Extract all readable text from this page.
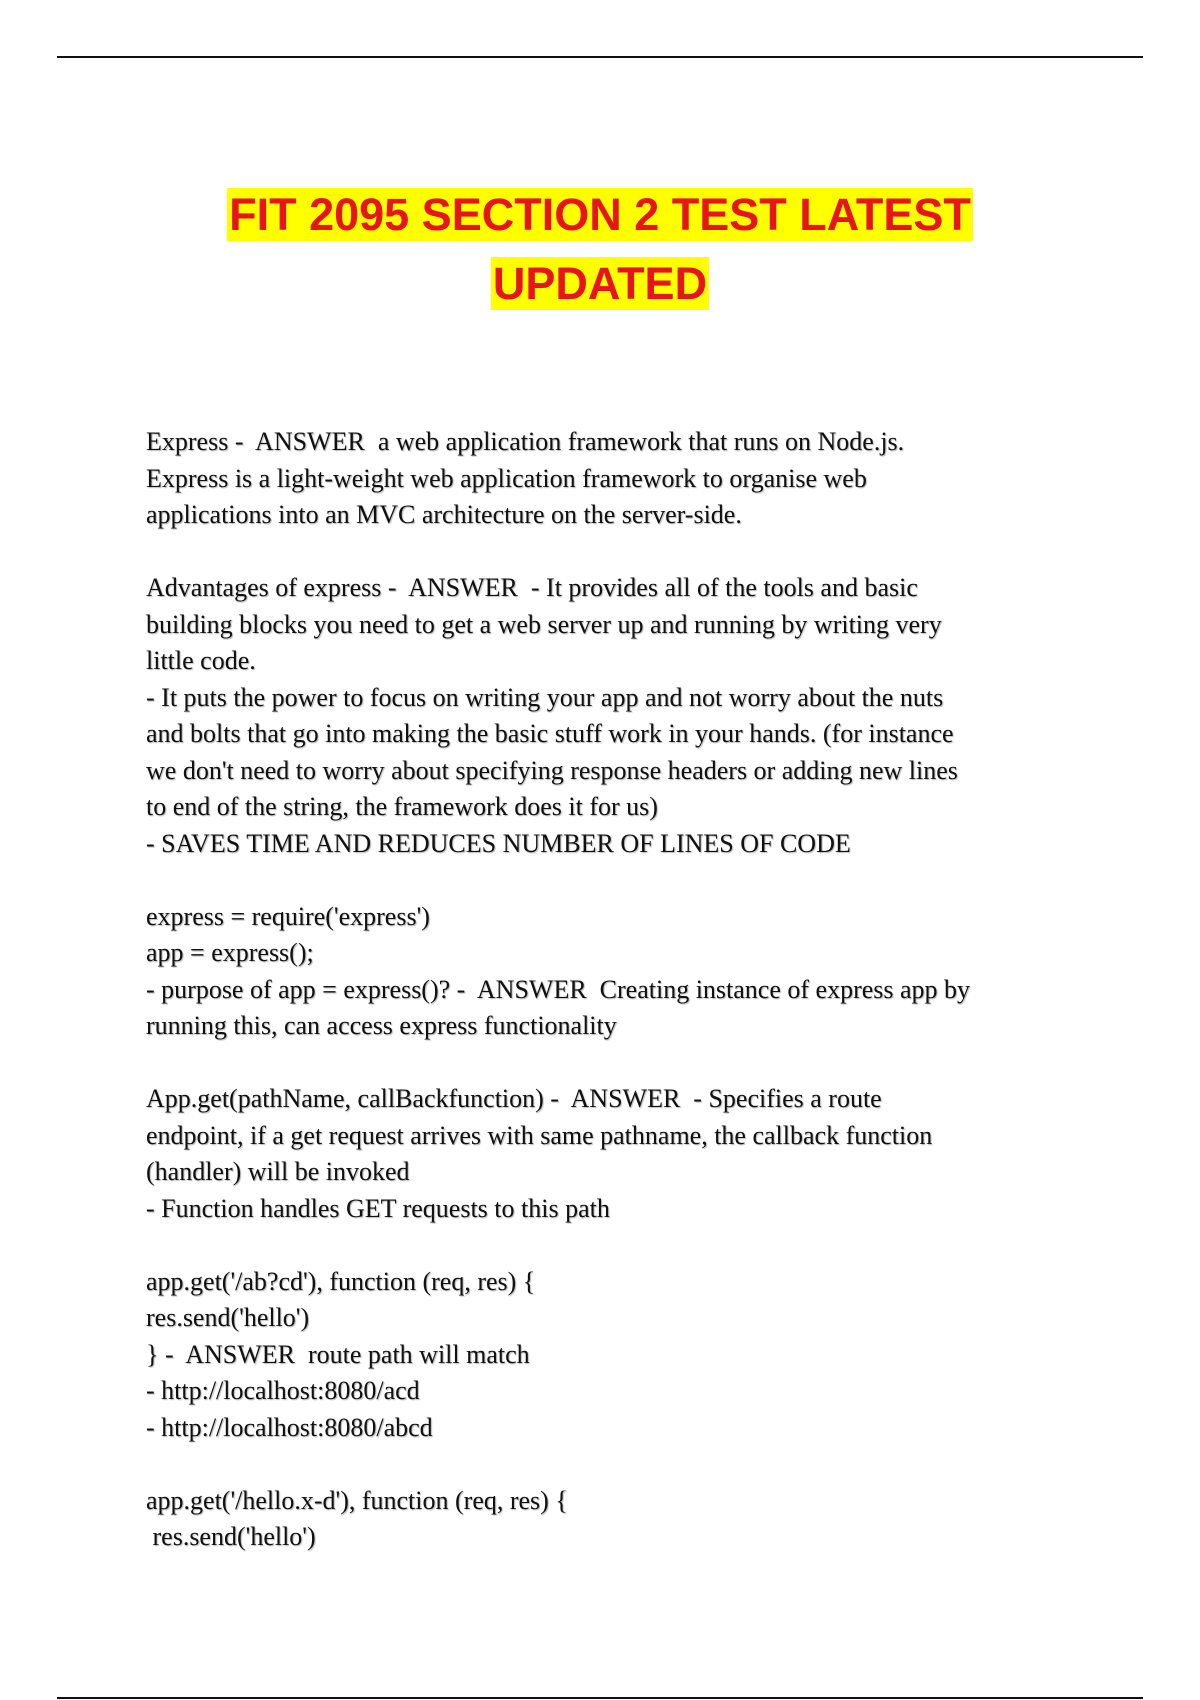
FIT 2095 SECTION 2 TEST LATEST
UPDATED
Express -  ANSWER  a web application framework that runs on Node.js.
Express is a light-weight web application framework to organise web
applications into an MVC architecture on the server-side.
Advantages of express -  ANSWER  - It provides all of the tools and basic
building blocks you need to get a web server up and running by writing very
little code.
- It puts the power to focus on writing your app and not worry about the nuts
and bolts that go into making the basic stuff work in your hands. (for instance
we don't need to worry about specifying response headers or adding new lines
to end of the string, the framework does it for us)
- SAVES TIME AND REDUCES NUMBER OF LINES OF CODE
express = require('express')
app = express();
- purpose of app = express()? -  ANSWER  Creating instance of express app by
running this, can access express functionality
App.get(pathName, callBackfunction) -  ANSWER  - Specifies a route
endpoint, if a get request arrives with same pathname, the callback function
(handler) will be invoked
- Function handles GET requests to this path
app.get('/ab?cd'), function (req, res) {
res.send('hello')
} -  ANSWER  route path will match
- http://localhost:8080/acd
- http://localhost:8080/abcd
app.get('/hello.x-d'), function (req, res) {
res.send('hello')
